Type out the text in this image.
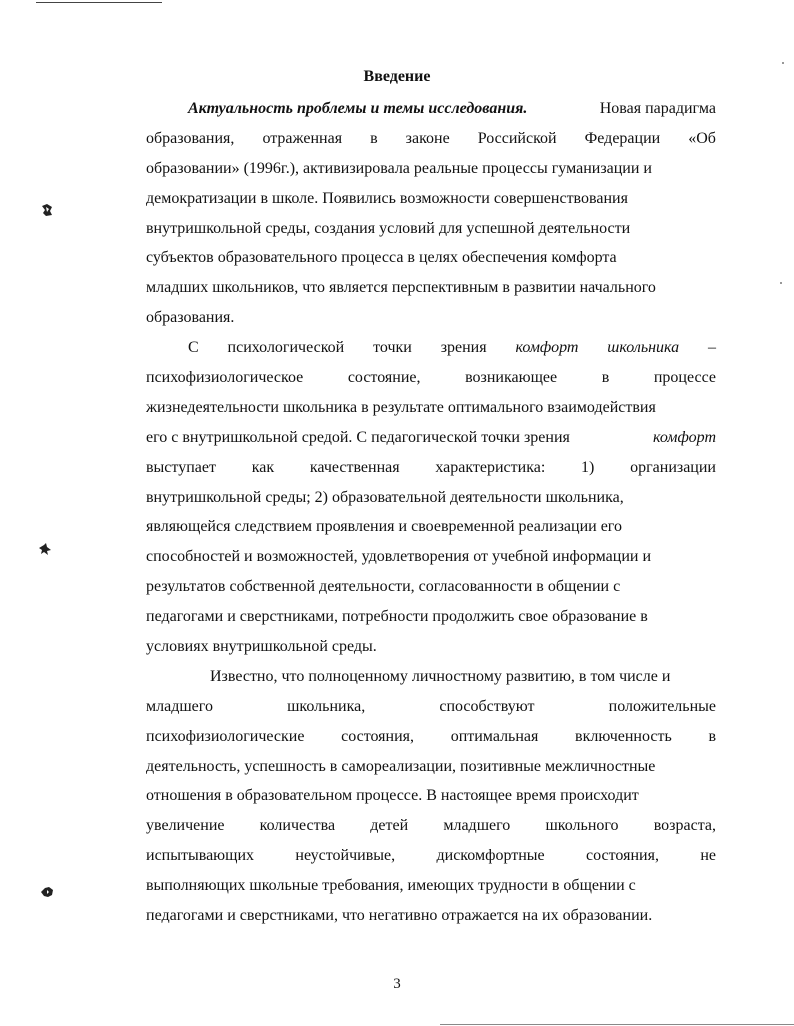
Введение
Актуальность проблемы и темы исследования.	Новая парадигма
образования, отраженная в законе Российской Федерации «Об
образовании» (1996г.), активизировала реальные процессы гуманизации и
демократизации в школе. Появились возможности совершенствования
внутришкольной среды, создания условий для успешной деятельности
субъектов образовательного процесса в целях обеспечения комфорта
младших школьников, что является перспективным в развитии начального
образования.
С психологической точки зрения комфорт школьника –
психофизиологическое	состояние,	возникающее	в	процессе
жизнедеятельности школьника в результате оптимального взаимодействия
его с внутришкольной средой. С педагогической точки зрения	комфорт
выступает как качественная характеристика: 1) организации
внутришкольной среды; 2) образовательной деятельности школьника,
являющейся следствием проявления и своевременной реализации его
способностей и возможностей, удовлетворения от учебной информации и
результатов собственной деятельности, согласованности в общении с
педагогами и сверстниками, потребности продолжить свое образование в
условиях внутришкольной среды.
Известно, что полноценному личностному развитию, в том числе и
младшего	школьника,	способствуют	положительные
психофизиологические состояния, оптимальная включенность в
деятельность, успешность в самореализации, позитивные межличностные
отношения в образовательном процессе. В настоящее время происходит
увеличение количества детей младшего школьного возраста,
испытывающих	неустойчивые,	дискомфортные	состояния,	не
выполняющих школьные требования, имеющих трудности в общении с
педагогами и сверстниками, что негативно отражается на их образовании.
3
